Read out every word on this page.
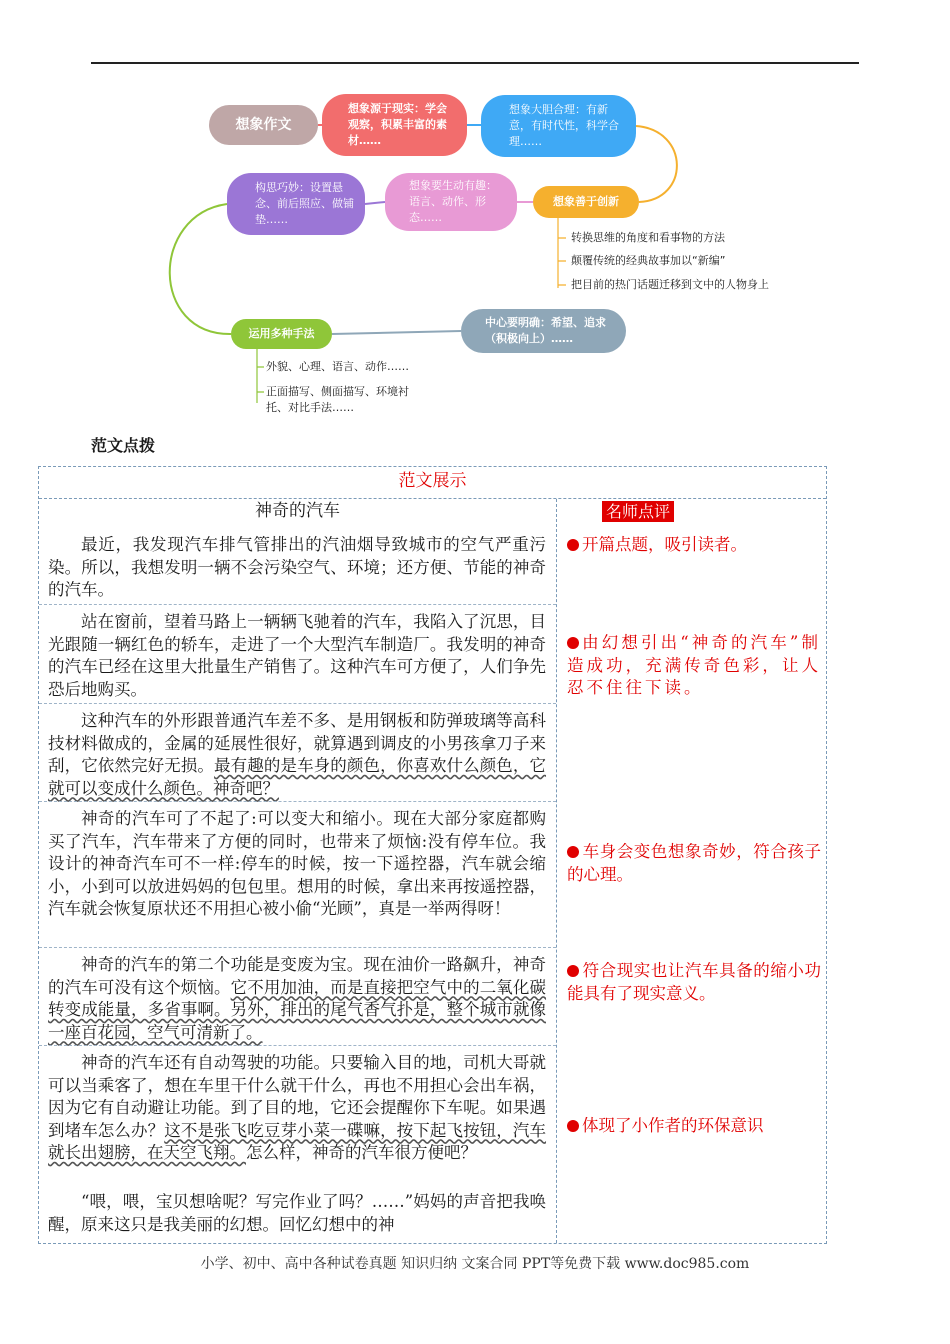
想象作文
想象源于现实：学会观察，积累丰富的素材……
想象大胆合理：有新意，有时代性，科学合理……
想象善于创新
想象要生动有趣：语言、动作、形态……
构思巧妙：设置悬念、前后照应、做铺垫……
运用多种手法
中心要明确：希望、追求（积极向上）……
转换思维的角度和看事物的方法
颠覆传统的经典故事加以“新编”
把目前的热门话题迁移到文中的人物身上
外貌、心理、语言、动作……
正面描写、侧面描写、环境衬托、对比手法……
范文点拨
范文展示
神奇的汽车	名师点评
最近，我发现汽车排气管排出的汽油烟导致城市的空气严重污染。所以，我想发明一辆不会污染空气、环境；还方便、节能的神奇的汽车。
站在窗前，望着马路上一辆辆飞驰着的汽车，我陷入了沉思，目光跟随一辆红色的轿车，走进了一个大型汽车制造厂。我发明的神奇的汽车已经在这里大批量生产销售了。这种汽车可方便了，人们争先恐后地购买。
这种汽车的外形跟普通汽车差不多、是用钢板和防弹玻璃等高科技材料做成的，金属的延展性很好，就算遇到调皮的小男孩拿刀子来刮，它依然完好无损。最有趣的是车身的颜色，你喜欢什么颜色，它就可以变成什么颜色。神奇吧？
神奇的汽车可了不起了:可以变大和缩小。现在大部分家庭都购买了汽车，汽车带来了方便的同时，也带来了烦恼:没有停车位。我设计的神奇汽车可不一样:停车的时候，按一下遥控器，汽车就会缩小，小到可以放进妈妈的包包里。想用的时候，拿出来再按遥控器，汽车就会恢复原状还不用担心被小偷“光顾”，真是一举两得呀！
神奇的汽车的第二个功能是变废为宝。现在油价一路飙升，神奇的汽车可没有这个烦恼。它不用加油，而是直接把空气中的二氧化碳转变成能量，多省事啊。另外，排出的尾气香气扑是，整个城市就像一座百花园，空气可清新了。
神奇的汽车还有自动驾驶的功能。只要输入目的地，司机大哥就可以当乘客了，想在车里干什么就干什么，再也不用担心会出车祸，因为它有自动避让功能。到了目的地，它还会提醒你下车呢。如果遇到堵车怎么办？这不是张飞吃豆芽小菜一碟嘛，按下起飞按钮，汽车就长出翅膀，在天空飞翔。怎么样，神奇的汽车很方便吧？
“喂，喂，宝贝想啥呢？写完作业了吗？……”妈妈的声音把我唤醒，原来这只是我美丽的幻想。回忆幻想中的神
开篇点题，吸引读者。
由幻想引出“神奇的汽车”制造成功，充满传奇色彩，让人忍不住往下读。
车身会变色想象奇妙，符合孩子的心理。
符合现实也让汽车具备的缩小功能具有了现实意义。
体现了小作者的环保意识
小学、初中、高中各种试卷真题 知识归纳 文案合同 PPT等免费下载 www.doc985.com
